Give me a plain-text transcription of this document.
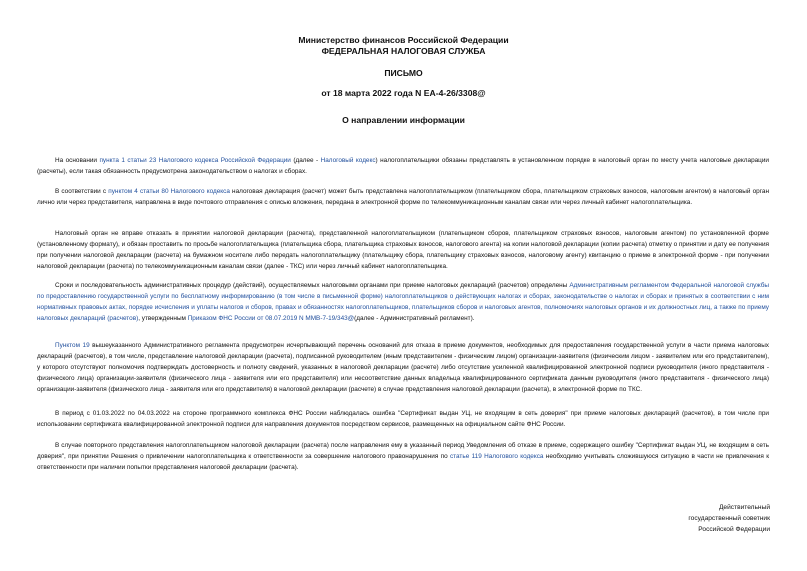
Министерство финансов Российской Федерации
ФЕДЕРАЛЬНАЯ НАЛОГОВАЯ СЛУЖБА
ПИСЬМО
от 18 марта 2022 года N ЕА-4-26/3308@
О направлении информации

На основании пункта 1 статьи 23 Налогового кодекса Российской Федерации (далее - Налоговый кодекс) налогоплательщики обязаны представлять в установленном порядке в налоговый орган по месту учета налоговые декларации (расчеты), если такая обязанность предусмотрена законодательством о налогах и сборах.

В соответствии с пунктом 4 статьи 80 Налогового кодекса налоговая декларация (расчет) может быть представлена налогоплательщиком (плательщиком сбора, плательщиком страховых взносов, налоговым агентом) в налоговый орган лично или через представителя, направлена в виде почтового отправления с описью вложения, передана в электронной форме по телекоммуникационным каналам связи или через личный кабинет налогоплательщика.

Налоговый орган не вправе отказать в принятии налоговой декларации (расчета), представленной налогоплательщиком (плательщиком сборов, плательщиком страховых взносов, налоговым агентом) по установленной форме (установленному формату), и обязан проставить по просьбе налогоплательщика (плательщика сбора, плательщика страховых взносов, налогового агента) на копии налоговой декларации (копии расчета) отметку о принятии и дату ее получения при получении налоговой декларации (расчета) на бумажном носителе либо передать налогоплательщику (плательщику сбора, плательщику страховых взносов, налоговому агенту) квитанцию о приеме в электронной форме - при получении налоговой декларации (расчета) по телекоммуникационным каналам связи (далее - ТКС) или через личный кабинет налогоплательщика.

Сроки и последовательность административных процедур (действий), осуществляемых налоговыми органами при приеме налоговых деклараций (расчетов) определены Административным регламентом Федеральной налоговой службы по предоставлению государственной услуги по бесплатному информированию (в том числе в письменной форме) налогоплательщиков о действующих налогах и сборах, законодательстве о налогах и сборах и принятых в соответствии с ним нормативных правовых актах, порядке исчисления и уплаты налогов и сборов, правах и обязанностях налогоплательщиков, плательщиков сборов и налоговых агентов, полномочиях налоговых органов и их должностных лиц, а также по приему налоговых деклараций (расчетов), утвержденным Приказом ФНС России от 08.07.2019 N ММВ-7-19/343@(далее - Административный регламент).

Пунктом 19 вышеуказанного Административного регламента предусмотрен исчерпывающий перечень оснований для отказа в приеме документов, необходимых для предоставления государственной услуги в части приема налоговых деклараций (расчетов), в том числе, представление налоговой декларации (расчета), подписанной руководителем (иным представителем - физическим лицом) организации-заявителя (физическим лицом - заявителем или его представителем), у которого отсутствуют полномочия подтверждать достоверность и полноту сведений, указанных в налоговой декларации (расчете) либо отсутствие усиленной квалифицированной электронной подписи руководителя (иного представителя - физического лица) организации-заявителя (физического лица - заявителя или его представителя) или несоответствие данных владельца квалифицированного сертификата данным руководителя (иного представителя - физического лица) организации-заявителя (физического лица - заявителя или его представителя) в налоговой декларации (расчете) в случае представления налоговой декларации (расчета), в электронной форме по ТКС.

В период с 01.03.2022 по 04.03.2022 на стороне программного комплекса ФНС России наблюдалась ошибка "Сертификат выдан УЦ, не входящим в сеть доверия" при приеме налоговых деклараций (расчетов), в том числе при использовании сертификата квалифицированной электронной подписи для направления документов посредством сервисов, размещенных на официальном сайте ФНС России.

В случае повторного представления налогоплательщиком налоговой декларации (расчета) после направления ему в указанный период Уведомления об отказе в приеме, содержащего ошибку "Сертификат выдан УЦ, не входящим в сеть доверия", при принятии Решения о привлечении налогоплательщика к ответственности за совершение налогового правонарушения по статье 119 Налогового кодекса необходимо учитывать сложившуюся ситуацию в части не привлечения к ответственности при наличии попытки представления налоговой декларации (расчета).

Действительный
государственный советник
Российской Федерации
